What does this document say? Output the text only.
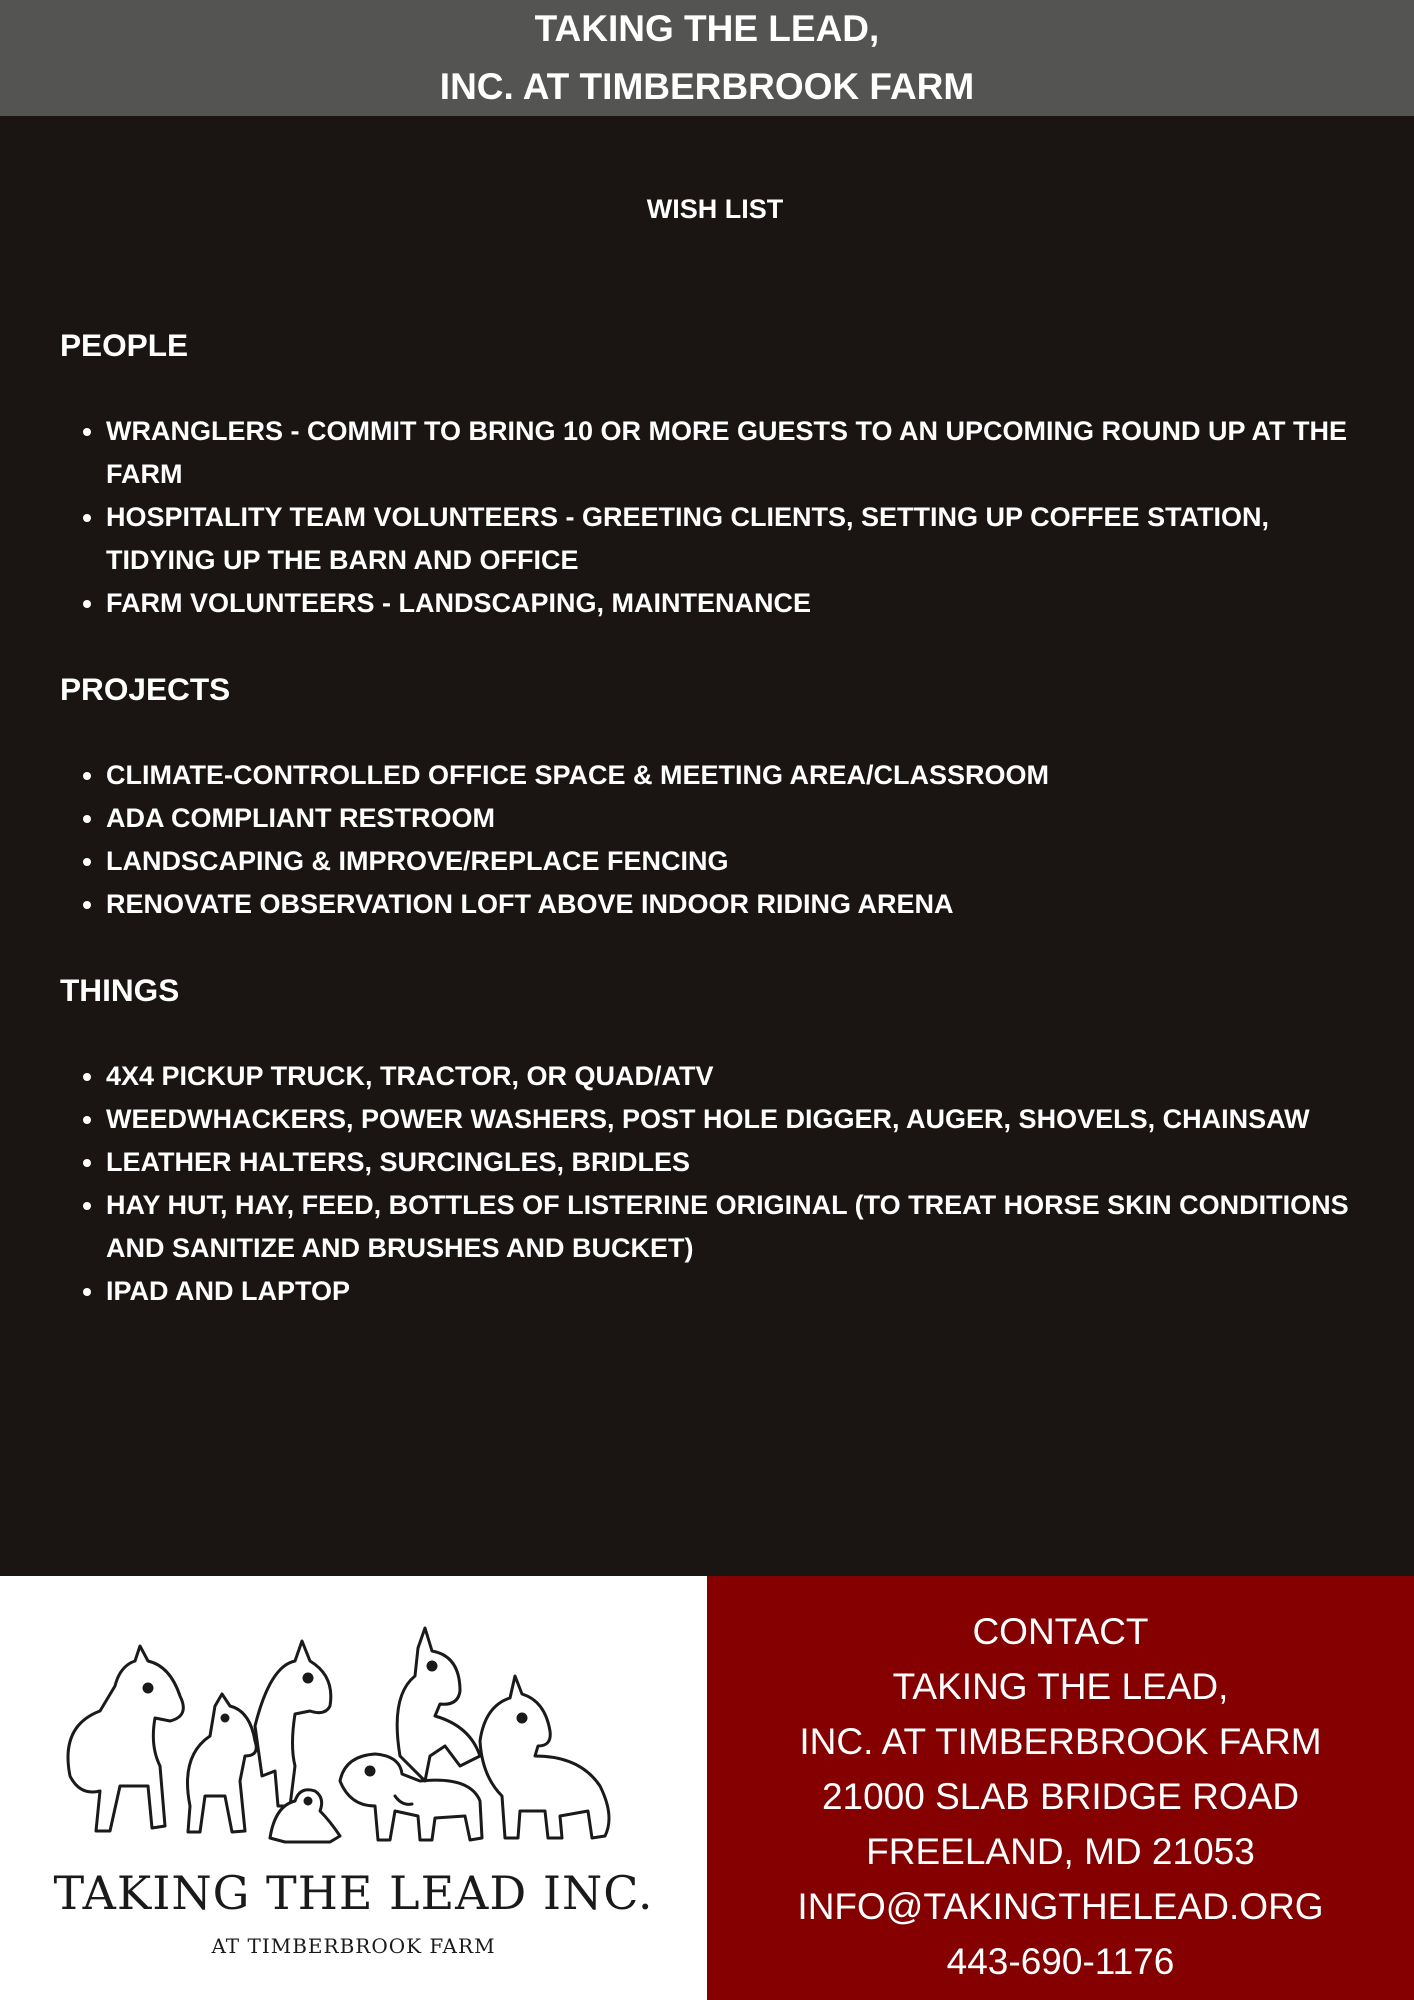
TAKING THE LEAD,
INC. AT TIMBERBROOK FARM
WISH LIST
PEOPLE
• WRANGLERS - COMMIT TO BRING 10 OR MORE GUESTS TO AN UPCOMING ROUND UP AT THE FARM
• HOSPITALITY TEAM VOLUNTEERS - GREETING CLIENTS, SETTING UP COFFEE STATION, TIDYING UP THE BARN AND OFFICE
• FARM VOLUNTEERS - LANDSCAPING, MAINTENANCE
PROJECTS
• CLIMATE-CONTROLLED OFFICE SPACE & MEETING AREA/CLASSROOM
• ADA COMPLIANT RESTROOM
• LANDSCAPING & IMPROVE/REPLACE FENCING
• RENOVATE OBSERVATION LOFT ABOVE INDOOR RIDING ARENA
THINGS
• 4X4 PICKUP TRUCK, TRACTOR, OR QUAD/ATV
• WEEDWHACKERS, POWER WASHERS, POST HOLE DIGGER, AUGER, SHOVELS, CHAINSAW
• LEATHER HALTERS, SURCINGLES, BRIDLES
• HAY HUT, HAY, FEED, BOTTLES OF LISTERINE ORIGINAL (TO TREAT HORSE SKIN CONDITIONS AND SANITIZE AND BRUSHES AND BUCKET)
• IPAD AND LAPTOP
TAKING THE LEAD INC.
AT TIMBERBROOK FARM
CONTACT
TAKING THE LEAD,
INC. AT TIMBERBROOK FARM
21000 SLAB BRIDGE ROAD
FREELAND, MD 21053
INFO@TAKINGTHELEAD.ORG
443-690-1176
